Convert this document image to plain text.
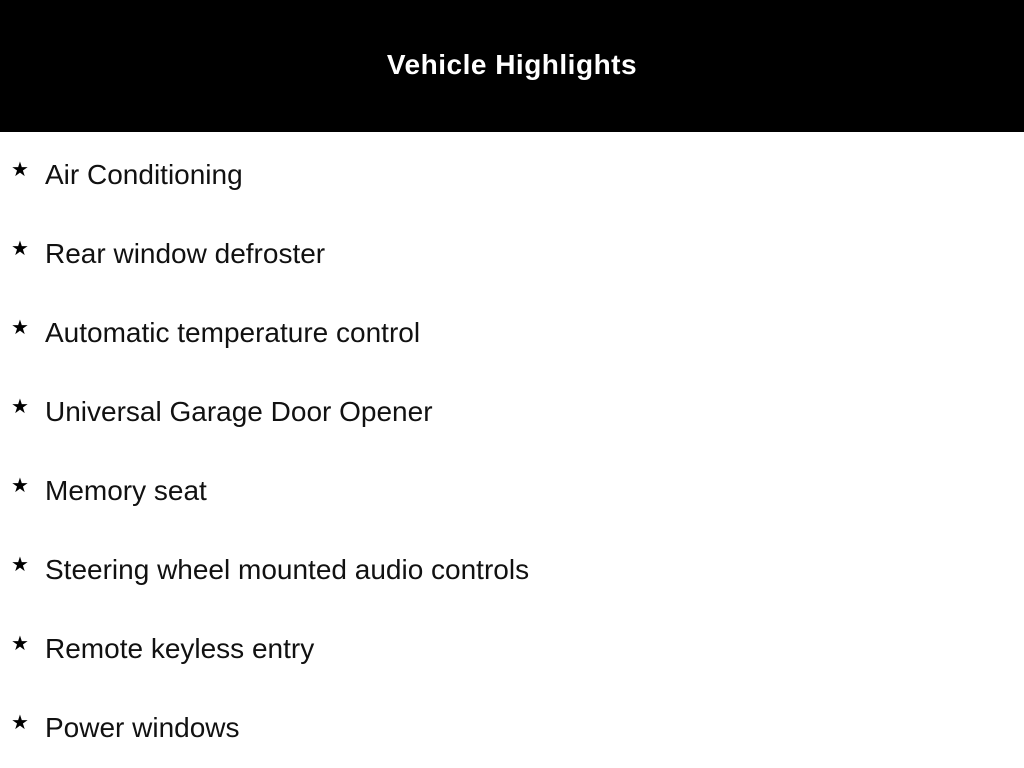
Vehicle Highlights
★ Air Conditioning
★ Rear window defroster
★ Automatic temperature control
★ Universal Garage Door Opener
★ Memory seat
★ Steering wheel mounted audio controls
★ Remote keyless entry
★ Power windows
